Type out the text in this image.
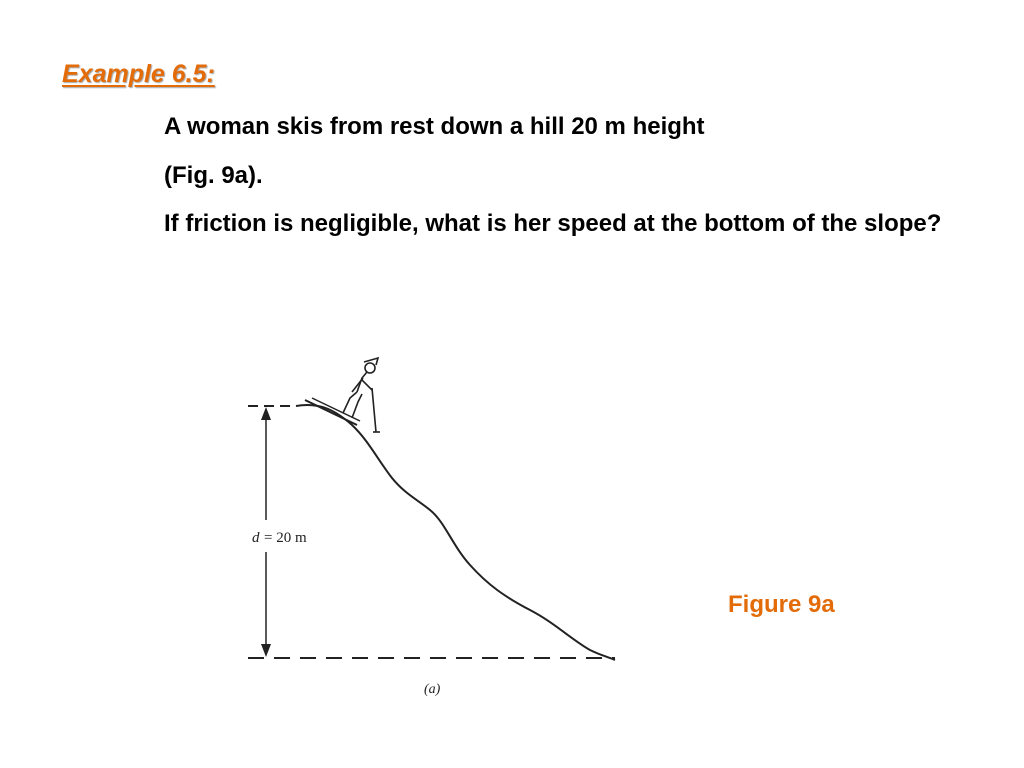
Example 6.5:

A woman skis from rest down a hill 20 m height

(Fig. 9a).

If friction is negligible, what is her speed at the bottom of the slope?

d = 20 m
(a)

Figure 9a
